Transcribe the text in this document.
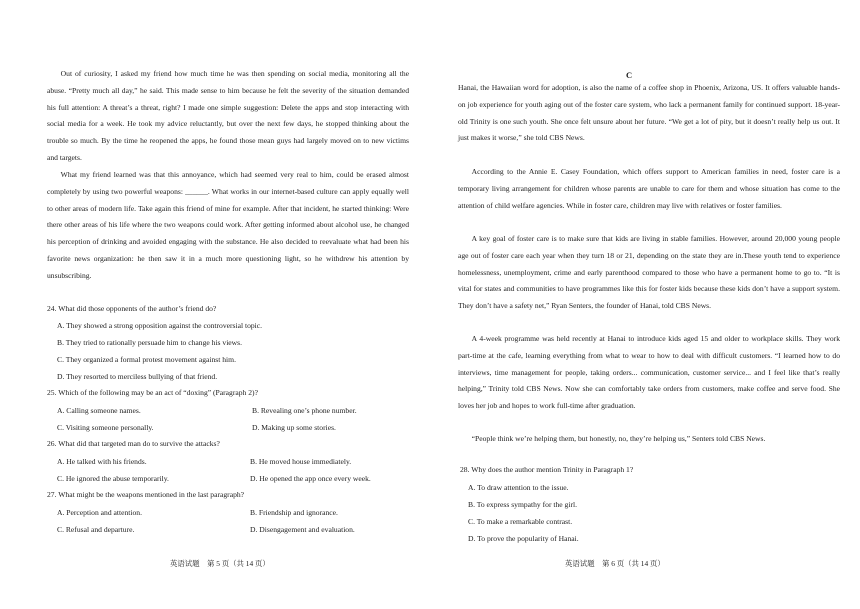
Out of curiosity, I asked my friend how much time he was then spending on social media, monitoring all the abuse. “Pretty much all day,” he said. This made sense to him because he felt the severity of the situation demanded his full attention: A threat’s a threat, right? I made one simple suggestion: Delete the apps and stop interacting with social media for a week. He took my advice reluctantly, but over the next few days, he stopped thinking about the trouble so much. By the time he reopened the apps, he found those mean guys had largely moved on to new victims and targets.

What my friend learned was that this annoyance, which had seemed very real to him, could be erased almost completely by using two powerful weapons: ______. What works in our internet-based culture can apply equally well to other areas of modern life. Take again this friend of mine for example. After that incident, he started thinking: Were there other areas of his life where the two weapons could work. After getting informed about alcohol use, he changed his perception of drinking and avoided engaging with the substance. He also decided to reevaluate what had been his favorite news organization: he then saw it in a much more questioning light, so he withdrew his attention by unsubscribing.

24. What did those opponents of the author’s friend do?

A. They showed a strong opposition against the controversial topic.

B. They tried to rationally persuade him to change his views.

C. They organized a formal protest movement against him.

D. They resorted to merciless bullying of that friend.

25. Which of the following may be an act of “doxing” (Paragraph 2)?

A. Calling someone names.	B. Revealing one’s phone number.

C. Visiting someone personally.	D. Making up some stories.

26. What did that targeted man do to survive the attacks?

A. He talked with his friends.	B. He moved house immediately.

C. He ignored the abuse temporarily.	D. He opened the app once every week.

27. What might be the weapons mentioned in the last paragraph?

A. Perception and attention.	B. Friendship and ignorance.

C. Refusal and departure.	D. Disengagement and evaluation.

英语试题　第 5 页（共 14 页）
C

Hanai, the Hawaiian word for adoption, is also the name of a coffee shop in Phoenix, Arizona, US. It offers valuable hands-on job experience for youth aging out of the foster care system, who lack a permanent family for continued support. 18-year-old Trinity is one such youth. She once felt unsure about her future. “We get a lot of pity, but it doesn’t really help us out. It just makes it worse,” she told CBS News.

According to the Annie E. Casey Foundation, which offers support to American families in need, foster care is a temporary living arrangement for children whose parents are unable to care for them and whose situation has come to the attention of child welfare agencies. While in foster care, children may live with relatives or foster families.

A key goal of foster care is to make sure that kids are living in stable families. However, around 20,000 young people age out of foster care each year when they turn 18 or 21, depending on the state they are in.These youth tend to experience homelessness, unemployment, crime and early parenthood compared to those who have a permanent home to go to. “It is vital for states and communities to have programmes like this for foster kids because these kids don’t have a support system. They don’t have a safety net,” Ryan Senters, the founder of Hanai, told CBS News.

A 4-week programme was held recently at Hanai to introduce kids aged 15 and older to workplace skills. They work part-time at the cafe, learning everything from what to wear to how to deal with difficult customers. “I learned how to do interviews, time management for people, taking orders... communication, customer service... and I feel like that’s really helping,” Trinity told CBS News. Now she can comfortably take orders from customers, make coffee and serve food. She loves her job and hopes to work full-time after graduation.

“People think we’re helping them, but honestly, no, they’re helping us,” Senters told CBS News.

28. Why does the author mention Trinity in Paragraph 1?

A. To draw attention to the issue.

B. To express sympathy for the girl.

C. To make a remarkable contrast.

D. To prove the popularity of Hanai.

英语试题　第 6 页（共 14 页）
